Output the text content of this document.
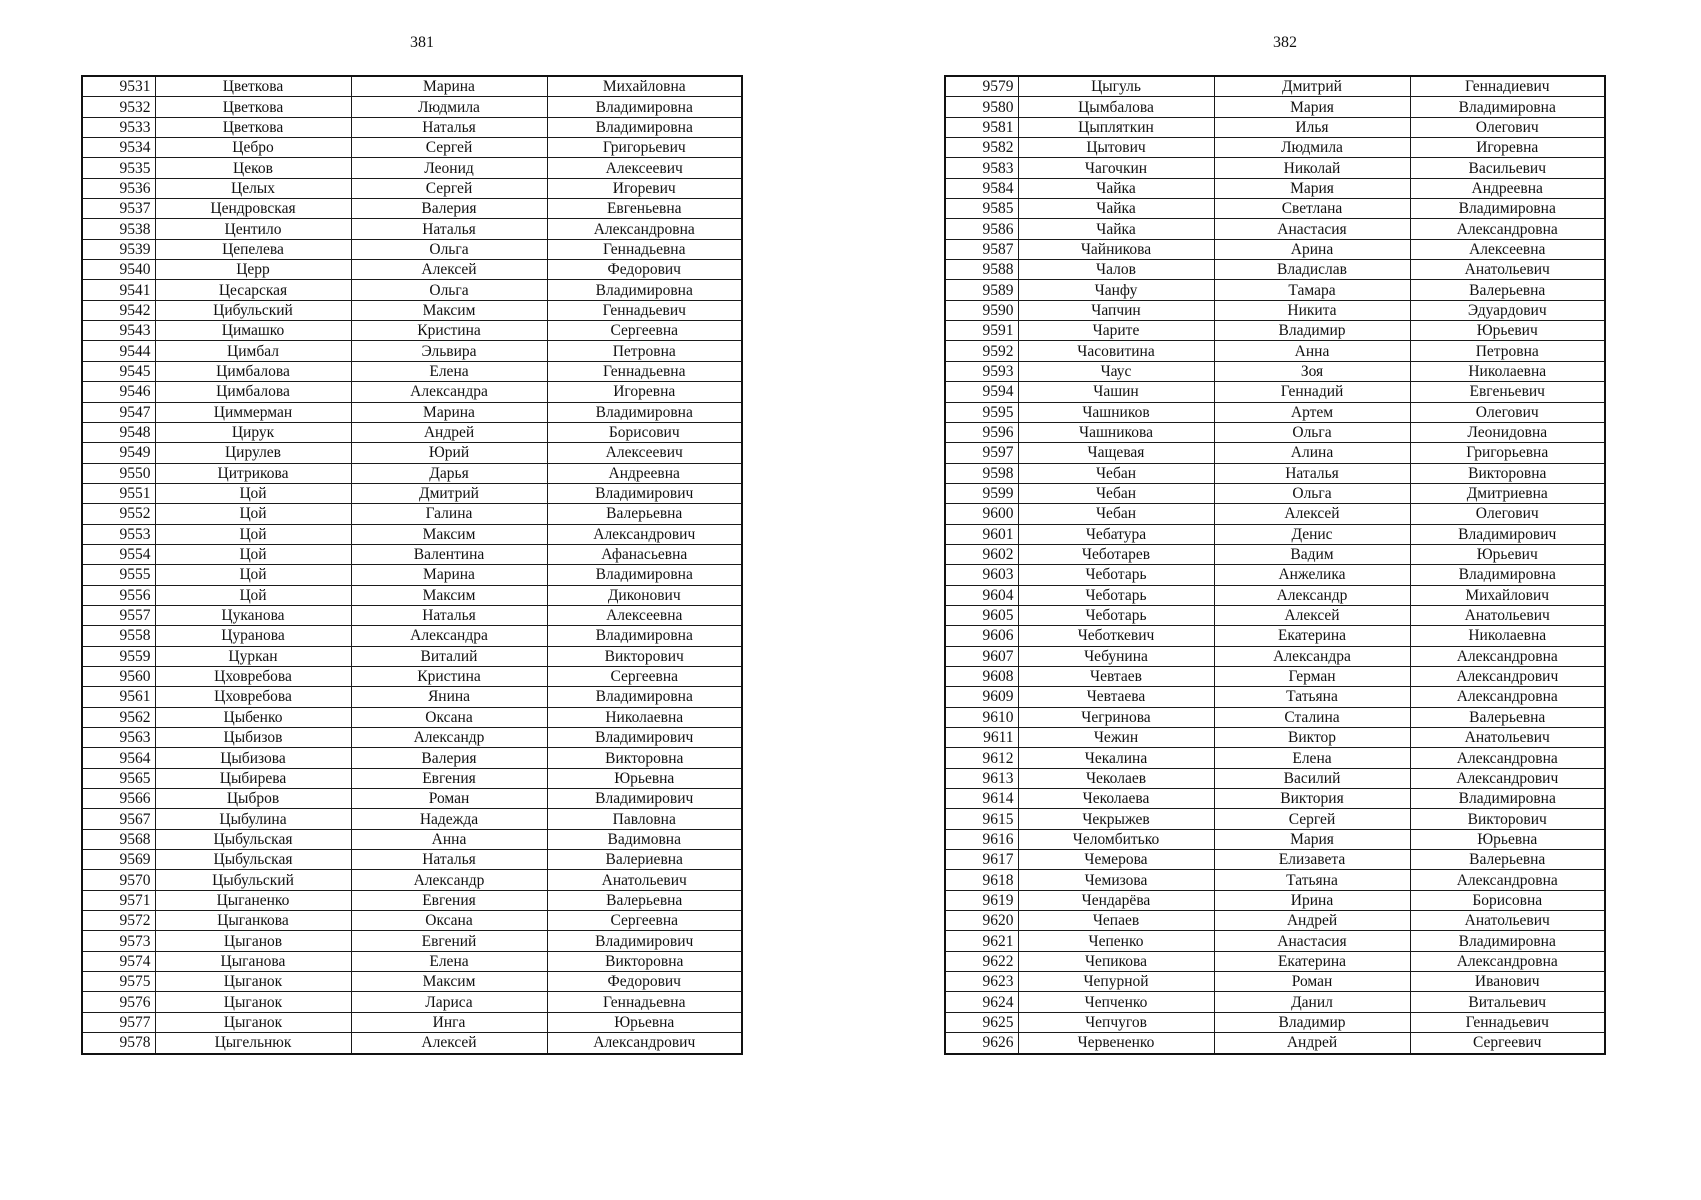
381	382
9531	Цветкова	Марина	Михайловна
9532	Цветкова	Людмила	Владимировна
9533	Цветкова	Наталья	Владимировна
9534	Цебро	Сергей	Григорьевич
9535	Цеков	Леонид	Алексеевич
9536	Целых	Сергей	Игоревич
9537	Цендровская	Валерия	Евгеньевна
9538	Центило	Наталья	Александровна
9539	Цепелева	Ольга	Геннадьевна
9540	Церр	Алексей	Федорович
9541	Цесарская	Ольга	Владимировна
9542	Цибульский	Максим	Геннадьевич
9543	Цимашко	Кристина	Сергеевна
9544	Цимбал	Эльвира	Петровна
9545	Цимбалова	Елена	Геннадьевна
9546	Цимбалова	Александра	Игоревна
9547	Циммерман	Марина	Владимировна
9548	Цирук	Андрей	Борисович
9549	Цирулев	Юрий	Алексеевич
9550	Цитрикова	Дарья	Андреевна
9551	Цой	Дмитрий	Владимирович
9552	Цой	Галина	Валерьевна
9553	Цой	Максим	Александрович
9554	Цой	Валентина	Афанасьевна
9555	Цой	Марина	Владимировна
9556	Цой	Максим	Диконович
9557	Цуканова	Наталья	Алексеевна
9558	Цуранова	Александра	Владимировна
9559	Цуркан	Виталий	Викторович
9560	Цховребова	Кристина	Сергеевна
9561	Цховребова	Янина	Владимировна
9562	Цыбенко	Оксана	Николаевна
9563	Цыбизов	Александр	Владимирович
9564	Цыбизова	Валерия	Викторовна
9565	Цыбирева	Евгения	Юрьевна
9566	Цыбров	Роман	Владимирович
9567	Цыбулина	Надежда	Павловна
9568	Цыбульская	Анна	Вадимовна
9569	Цыбульская	Наталья	Валериевна
9570	Цыбульский	Александр	Анатольевич
9571	Цыганенко	Евгения	Валерьевна
9572	Цыганкова	Оксана	Сергеевна
9573	Цыганов	Евгений	Владимирович
9574	Цыганова	Елена	Викторовна
9575	Цыганок	Максим	Федорович
9576	Цыганок	Лариса	Геннадьевна
9577	Цыганок	Инга	Юрьевна
9578	Цыгельнюк	Алексей	Александрович
9579	Цыгуль	Дмитрий	Геннадиевич
9580	Цымбалова	Мария	Владимировна
9581	Цыпляткин	Илья	Олегович
9582	Цытович	Людмила	Игоревна
9583	Чагочкин	Николай	Васильевич
9584	Чайка	Мария	Андреевна
9585	Чайка	Светлана	Владимировна
9586	Чайка	Анастасия	Александровна
9587	Чайникова	Арина	Алексеевна
9588	Чалов	Владислав	Анатольевич
9589	Чанфу	Тамара	Валерьевна
9590	Чапчин	Никита	Эдуардович
9591	Чарите	Владимир	Юрьевич
9592	Часовитина	Анна	Петровна
9593	Чаус	Зоя	Николаевна
9594	Чашин	Геннадий	Евгеньевич
9595	Чашников	Артем	Олегович
9596	Чашникова	Ольга	Леонидовна
9597	Чащевая	Алина	Григорьевна
9598	Чебан	Наталья	Викторовна
9599	Чебан	Ольга	Дмитриевна
9600	Чебан	Алексей	Олегович
9601	Чебатура	Денис	Владимирович
9602	Чеботарев	Вадим	Юрьевич
9603	Чеботарь	Анжелика	Владимировна
9604	Чеботарь	Александр	Михайлович
9605	Чеботарь	Алексей	Анатольевич
9606	Чеботкевич	Екатерина	Николаевна
9607	Чебунина	Александра	Александровна
9608	Чевтаев	Герман	Александрович
9609	Чевтаева	Татьяна	Александровна
9610	Чегринова	Сталина	Валерьевна
9611	Чежин	Виктор	Анатольевич
9612	Чекалина	Елена	Александровна
9613	Чеколаев	Василий	Александрович
9614	Чеколаева	Виктория	Владимировна
9615	Чекрыжев	Сергей	Викторович
9616	Челомбитько	Мария	Юрьевна
9617	Чемерова	Елизавета	Валерьевна
9618	Чемизова	Татьяна	Александровна
9619	Чендарёва	Ирина	Борисовна
9620	Чепаев	Андрей	Анатольевич
9621	Чепенко	Анастасия	Владимировна
9622	Чепикова	Екатерина	Александровна
9623	Чепурной	Роман	Иванович
9624	Чепченко	Данил	Витальевич
9625	Чепчугов	Владимир	Геннадьевич
9626	Червененко	Андрей	Сергеевич
